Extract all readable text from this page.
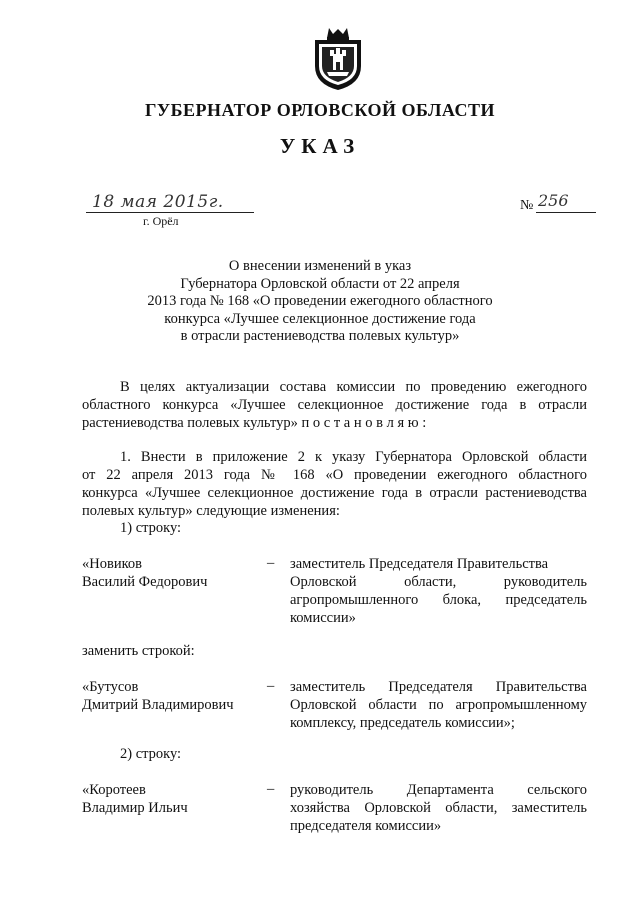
ГУБЕРНАТОР ОРЛОВСКОЙ ОБЛАСТИ
УКАЗ
18 мая 2015г.
г. Орёл
№ 256
О внесении изменений в указ
Губернатора Орловской области от 22 апреля
2013 года № 168 «О проведении ежегодного областного
конкурса «Лучшее селекционное достижение года
в отрасли растениеводства полевых культур»
В целях актуализации состава комиссии по проведению ежегодного
областного конкурса «Лучшее селекционное достижение года в отрасли
растениеводства полевых культур» п о с т а н о в л я ю :
1. Внести в приложение 2 к указу Губернатора Орловской области
от 22 апреля 2013 года № 168 «О проведении ежегодного областного
конкурса «Лучшее селекционное достижение года в отрасли растениеводства
полевых культур» следующие изменения:
1) строку:
«Новиков
Василий Федорович
– заместитель Председателя Правительства
Орловской области, руководитель
агропромышленного блока, председатель
комиссии»
заменить строкой:
«Бутусов
Дмитрий Владимирович
– заместитель Председателя Правительства
Орловской области по агропромышленному
комплексу, председатель комиссии»;
2) строку:
«Коротеев
Владимир Ильич
– руководитель Департамента сельского
хозяйства Орловской области, заместитель
председателя комиссии»
